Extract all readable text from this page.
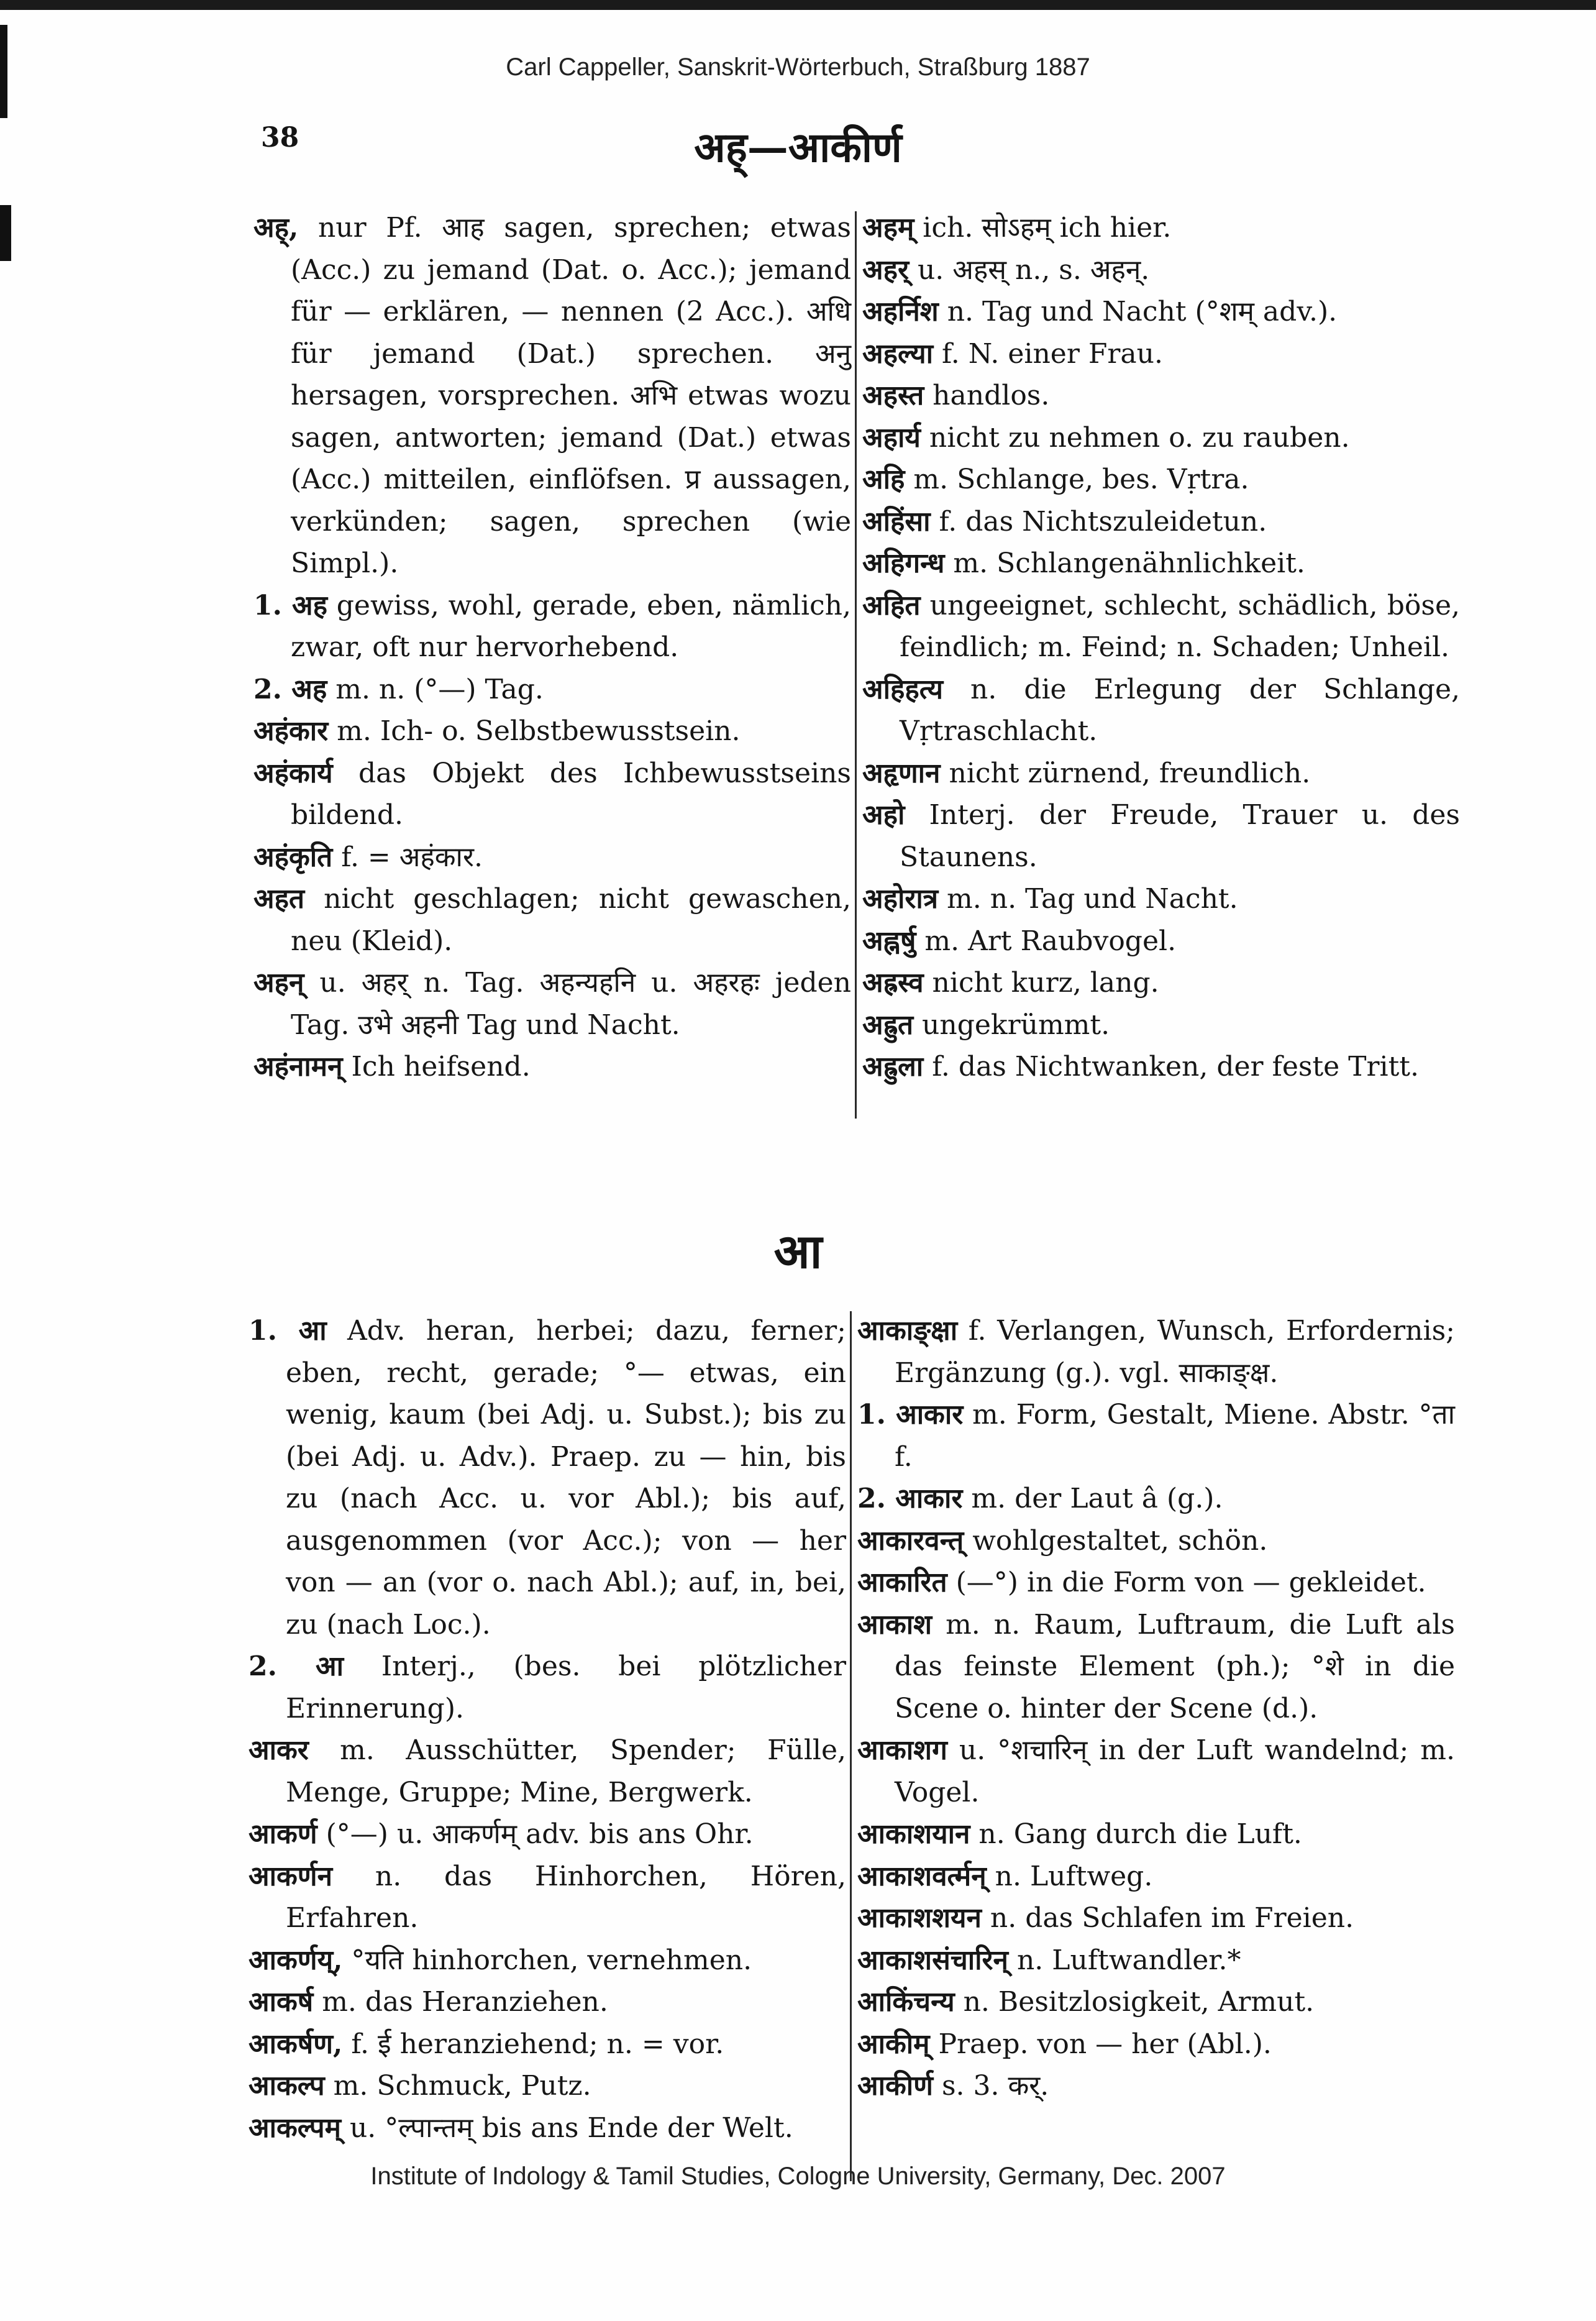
Carl Cappeller, Sanskrit-Wörterbuch, Straßburg 1887
38	अह्—आकीर्ण

अह्, nur Pf. आह sagen, sprechen; etwas (Acc.) zu jemand (Dat. o. Acc.); jemand für — erklären, — nennen (2 Acc.). अधि für jemand (Dat.) sprechen. अनु hersagen, vorsprechen. अभि etwas wozu sagen, antworten; jemand (Dat.) etwas (Acc.) mitteilen, einflöfsen. प्र aussagen, verkünden; sagen, sprechen (wie Simpl.).

1. अह gewiss, wohl, gerade, eben, nämlich, zwar, oft nur hervorhebend.

2. अह m. n. (°—) Tag.

अहंकार m. Ich- o. Selbstbewusstsein.

अहंकार्य das Objekt des Ichbewusstseins bildend.

अहंकृति f. = अहंकार.

अहत nicht geschlagen; nicht gewaschen, neu (Kleid).

अहन् u. अहर् n. Tag. अहन्यहनि u. अहरहः jeden Tag. उभे अहनी Tag und Nacht.

अहंनामन् Ich heifsend.

अहम् ich. सोऽहम् ich hier.

अहर् u. अहस् n., s. अहन्.

अहर्निश n. Tag und Nacht (°शम् adv.).

अहल्या f. N. einer Frau.

अहस्त handlos.

अहार्य nicht zu nehmen o. zu rauben.

अहि m. Schlange, bes. Vṛtra.

अहिंसा f. das Nichtszuleidetun.

अहिगन्ध m. Schlangenähnlichkeit.

अहित ungeeignet, schlecht, schädlich, böse, feindlich; m. Feind; n. Schaden; Unheil.

अहिहत्य n. die Erlegung der Schlange, Vṛtraschlacht.

अहृणान nicht zürnend, freundlich.

अहो Interj. der Freude, Trauer u. des Staunens.

अहोरात्र m. n. Tag und Nacht.

अह्नर्षु m. Art Raubvogel.

अह्रस्व nicht kurz, lang.

अह्रुत ungekrümmt.

अह्रुला f. das Nichtwanken, der feste Tritt.

आ

1. आ Adv. heran, herbei; dazu, ferner; eben, recht, gerade; °— etwas, ein wenig, kaum (bei Adj. u. Subst.); bis zu (bei Adj. u. Adv.). Praep. zu — hin, bis zu (nach Acc. u. vor Abl.); bis auf, ausgenommen (vor Acc.); von — her von — an (vor o. nach Abl.); auf, in, bei, zu (nach Loc.).

2. आ Interj., (bes. bei plötzlicher Erinnerung).

आकर m. Ausschütter, Spender; Fülle, Menge, Gruppe; Mine, Bergwerk.

आकर्ण (°—) u. आकर्णम् adv. bis ans Ohr.

आकर्णन n. das Hinhorchen, Hören, Erfahren.

आकर्णय्, °यति hinhorchen, vernehmen.

आकर्ष m. das Heranziehen.

आकर्षण, f. ई heranziehend; n. = vor.

आकल्प m. Schmuck, Putz.

आकल्पम् u. °ल्पान्तम् bis ans Ende der Welt.

आकाङ्क्षा f. Verlangen, Wunsch, Erfordernis; Ergänzung (g.). vgl. साकाङ्क्ष.

1. आकार m. Form, Gestalt, Miene. Abstr. °ता f.

2. आकार m. der Laut â (g.).

आकारवन्त् wohlgestaltet, schön.

आकारित (—°) in die Form von — gekleidet.

आकाश m. n. Raum, Luftraum, die Luft als das feinste Element (ph.); °शे in die Scene o. hinter der Scene (d.).

आकाशग u. °शचारिन् in der Luft wandelnd; m. Vogel.

आकाशयान n. Gang durch die Luft.

आकाशवर्त्मन् n. Luftweg.

आकाशशयन n. das Schlafen im Freien.

आकाशसंचारिन् n. Luftwandler.*

आकिंचन्य n. Besitzlosigkeit, Armut.

आकीम् Praep. von — her (Abl.).

आकीर्ण s. 3. कर्.

Institute of Indology & Tamil Studies, Cologne University, Germany, Dec. 2007
